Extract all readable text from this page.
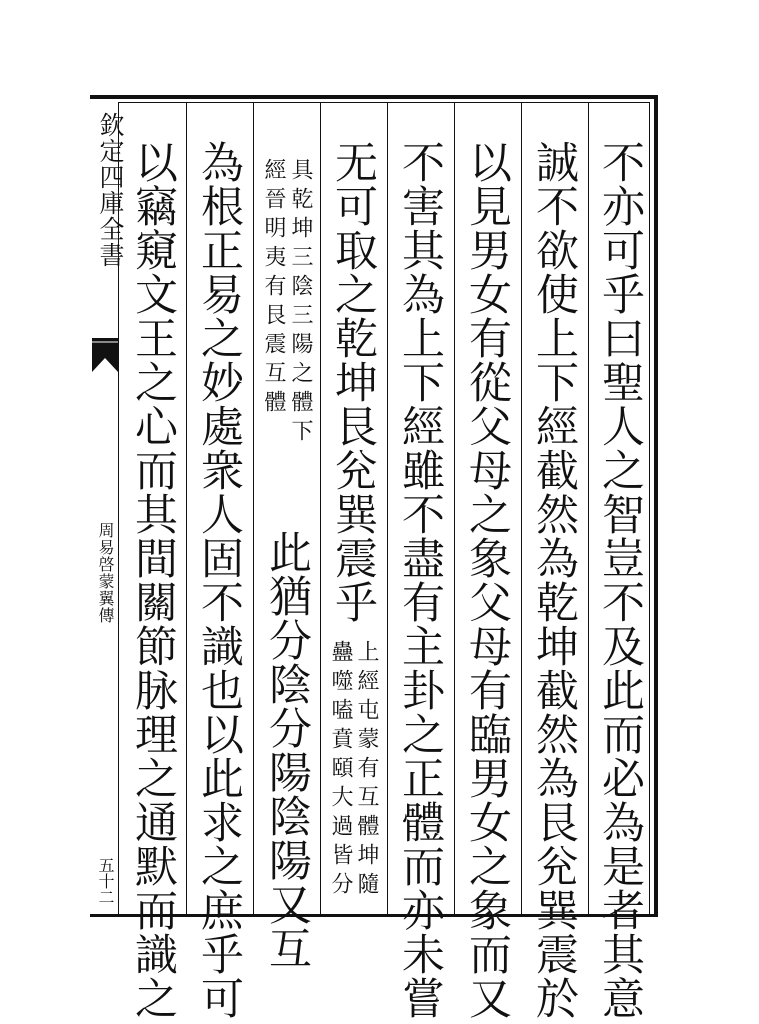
欽定四庫全書
周易啓蒙翼傳
五十二	不亦可乎曰聖人之智豈不及此而必為是者其意
誠不欲使上下經截然為乾坤截然為艮兊巽震於
以見男女有從父母之象父母有臨男女之象而又
不害其為上下經雖不盡有主卦之正體而亦未嘗
无可取之乾坤艮兊巽震乎
上經屯蒙有互體坤隨
蠱噬嗑賁頤大過皆分
具乾坤三陰三陽之體下
經晉明夷有艮震互體
此猶分陰分陽陰陽又互
為根正易之妙處衆人固不識也以此求之庶乎可
以竊窺文王之心而其間關節脉理之通默而識之
